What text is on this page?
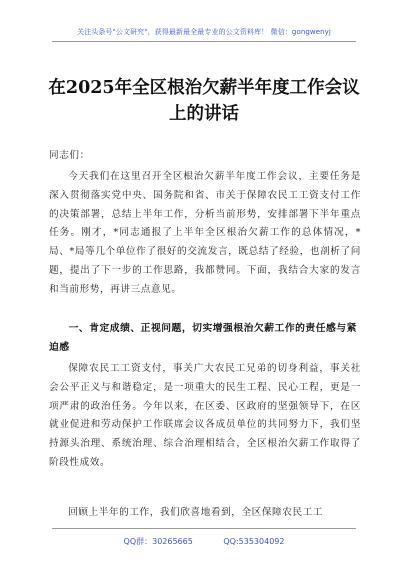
关注头条号"公文研究"，获得最新最全最专业的公文资料库！ 微信：gongwenyj
在2025年全区根治欠薪半年度工作会议上的讲话
同志们：

今天我们在这里召开全区根治欠薪半年度工作会议，主要任务是深入贯彻落实党中央、国务院和省、市关于保障农民工工资支付工作的决策部署，总结上半年工作，分析当前形势，安排部署下半年重点任务。刚才，*同志通报了上半年全区根治欠薪工作的总体情况，*局、*局等几个单位作了很好的交流发言，既总结了经验，也剖析了问题，提出了下一步的工作思路，我都赞同。下面，我结合大家的发言和当前形势，再讲三点意见。

一、肯定成绩、正视问题，切实增强根治欠薪工作的责任感与紧迫感

保障农民工工资支付，事关广大农民工兄弟的切身利益，事关社会公平正义与和谐稳定，是一项重大的民生工程、民心工程，更是一项严肃的政治任务。今年以来，在区委、区政府的坚强领导下，在区就业促进和劳动保护工作联席会议各成员单位的共同努力下，我们坚持源头治理、系统治理、综合治理相结合，全区根治欠薪工作取得了阶段性成效。

回顾上半年的工作，我们欣喜地看到，全区保障农民工工

QQ群：30265665	QQ:535304092
